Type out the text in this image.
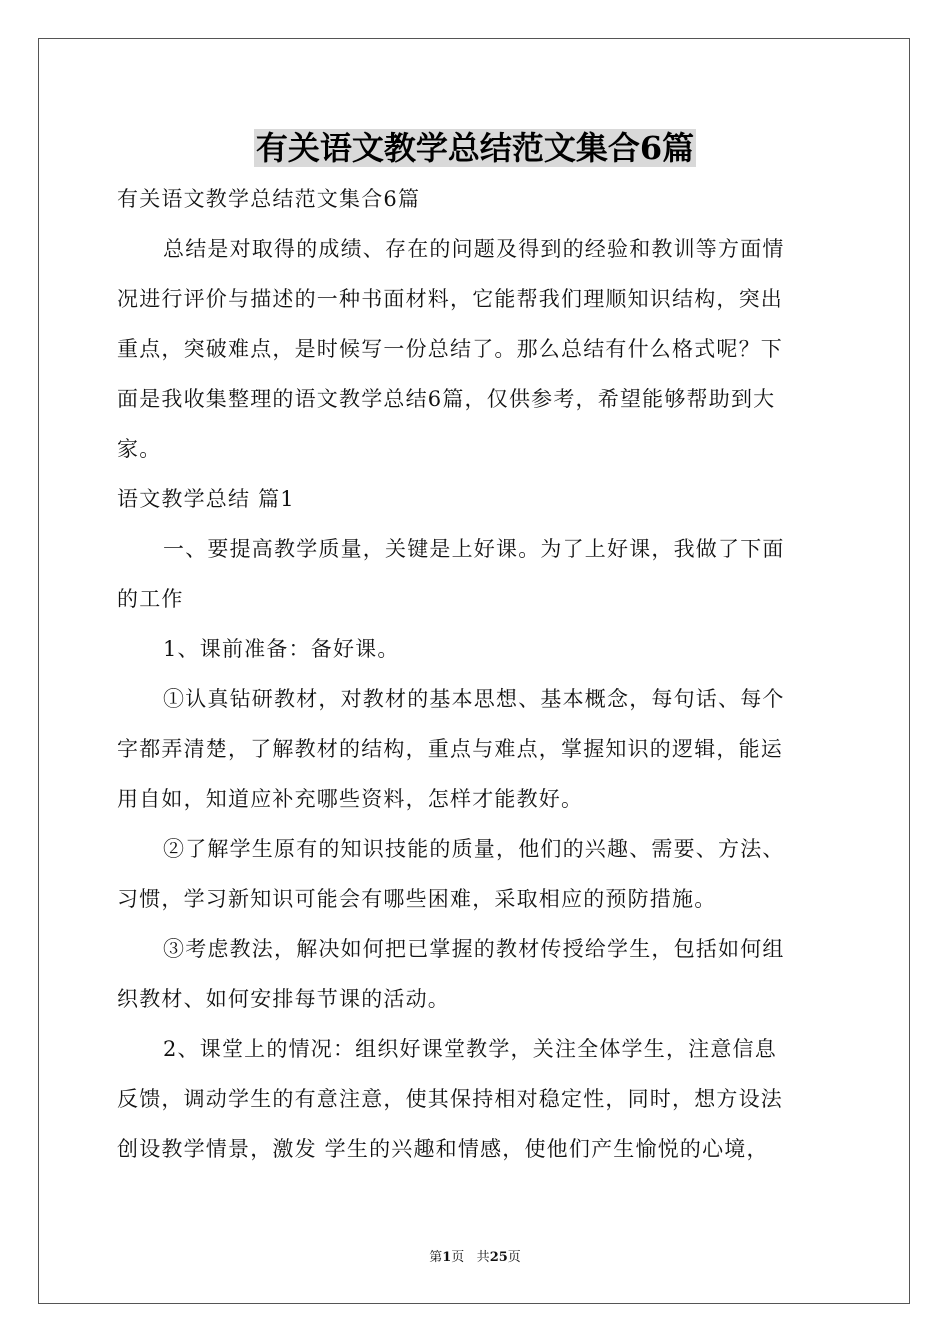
有关语文教学总结范文集合6篇
有关语文教学总结范文集合6篇
总结是对取得的成绩、存在的问题及得到的经验和教训等方面情
况进行评价与描述的一种书面材料，它能帮我们理顺知识结构，突出
重点，突破难点，是时候写一份总结了。那么总结有什么格式呢？下
面是我收集整理的语文教学总结6篇，仅供参考，希望能够帮助到大
家。
语文教学总结 篇1
一、要提高教学质量，关键是上好课。为了上好课，我做了下面
的工作
1、课前准备：备好课。
①认真钻研教材，对教材的基本思想、基本概念，每句话、每个
字都弄清楚，了解教材的结构，重点与难点，掌握知识的逻辑，能运
用自如，知道应补充哪些资料，怎样才能教好。
②了解学生原有的知识技能的质量，他们的兴趣、需要、方法、
习惯，学习新知识可能会有哪些困难，采取相应的预防措施。
③考虑教法，解决如何把已掌握的教材传授给学生，包括如何组
织教材、如何安排每节课的活动。
2、课堂上的情况：组织好课堂教学，关注全体学生，注意信息
反馈，调动学生的有意注意，使其保持相对稳定性，同时，想方设法
创设教学情景，激发 学生的兴趣和情感，使他们产生愉悦的心境，
第1页 共25页
